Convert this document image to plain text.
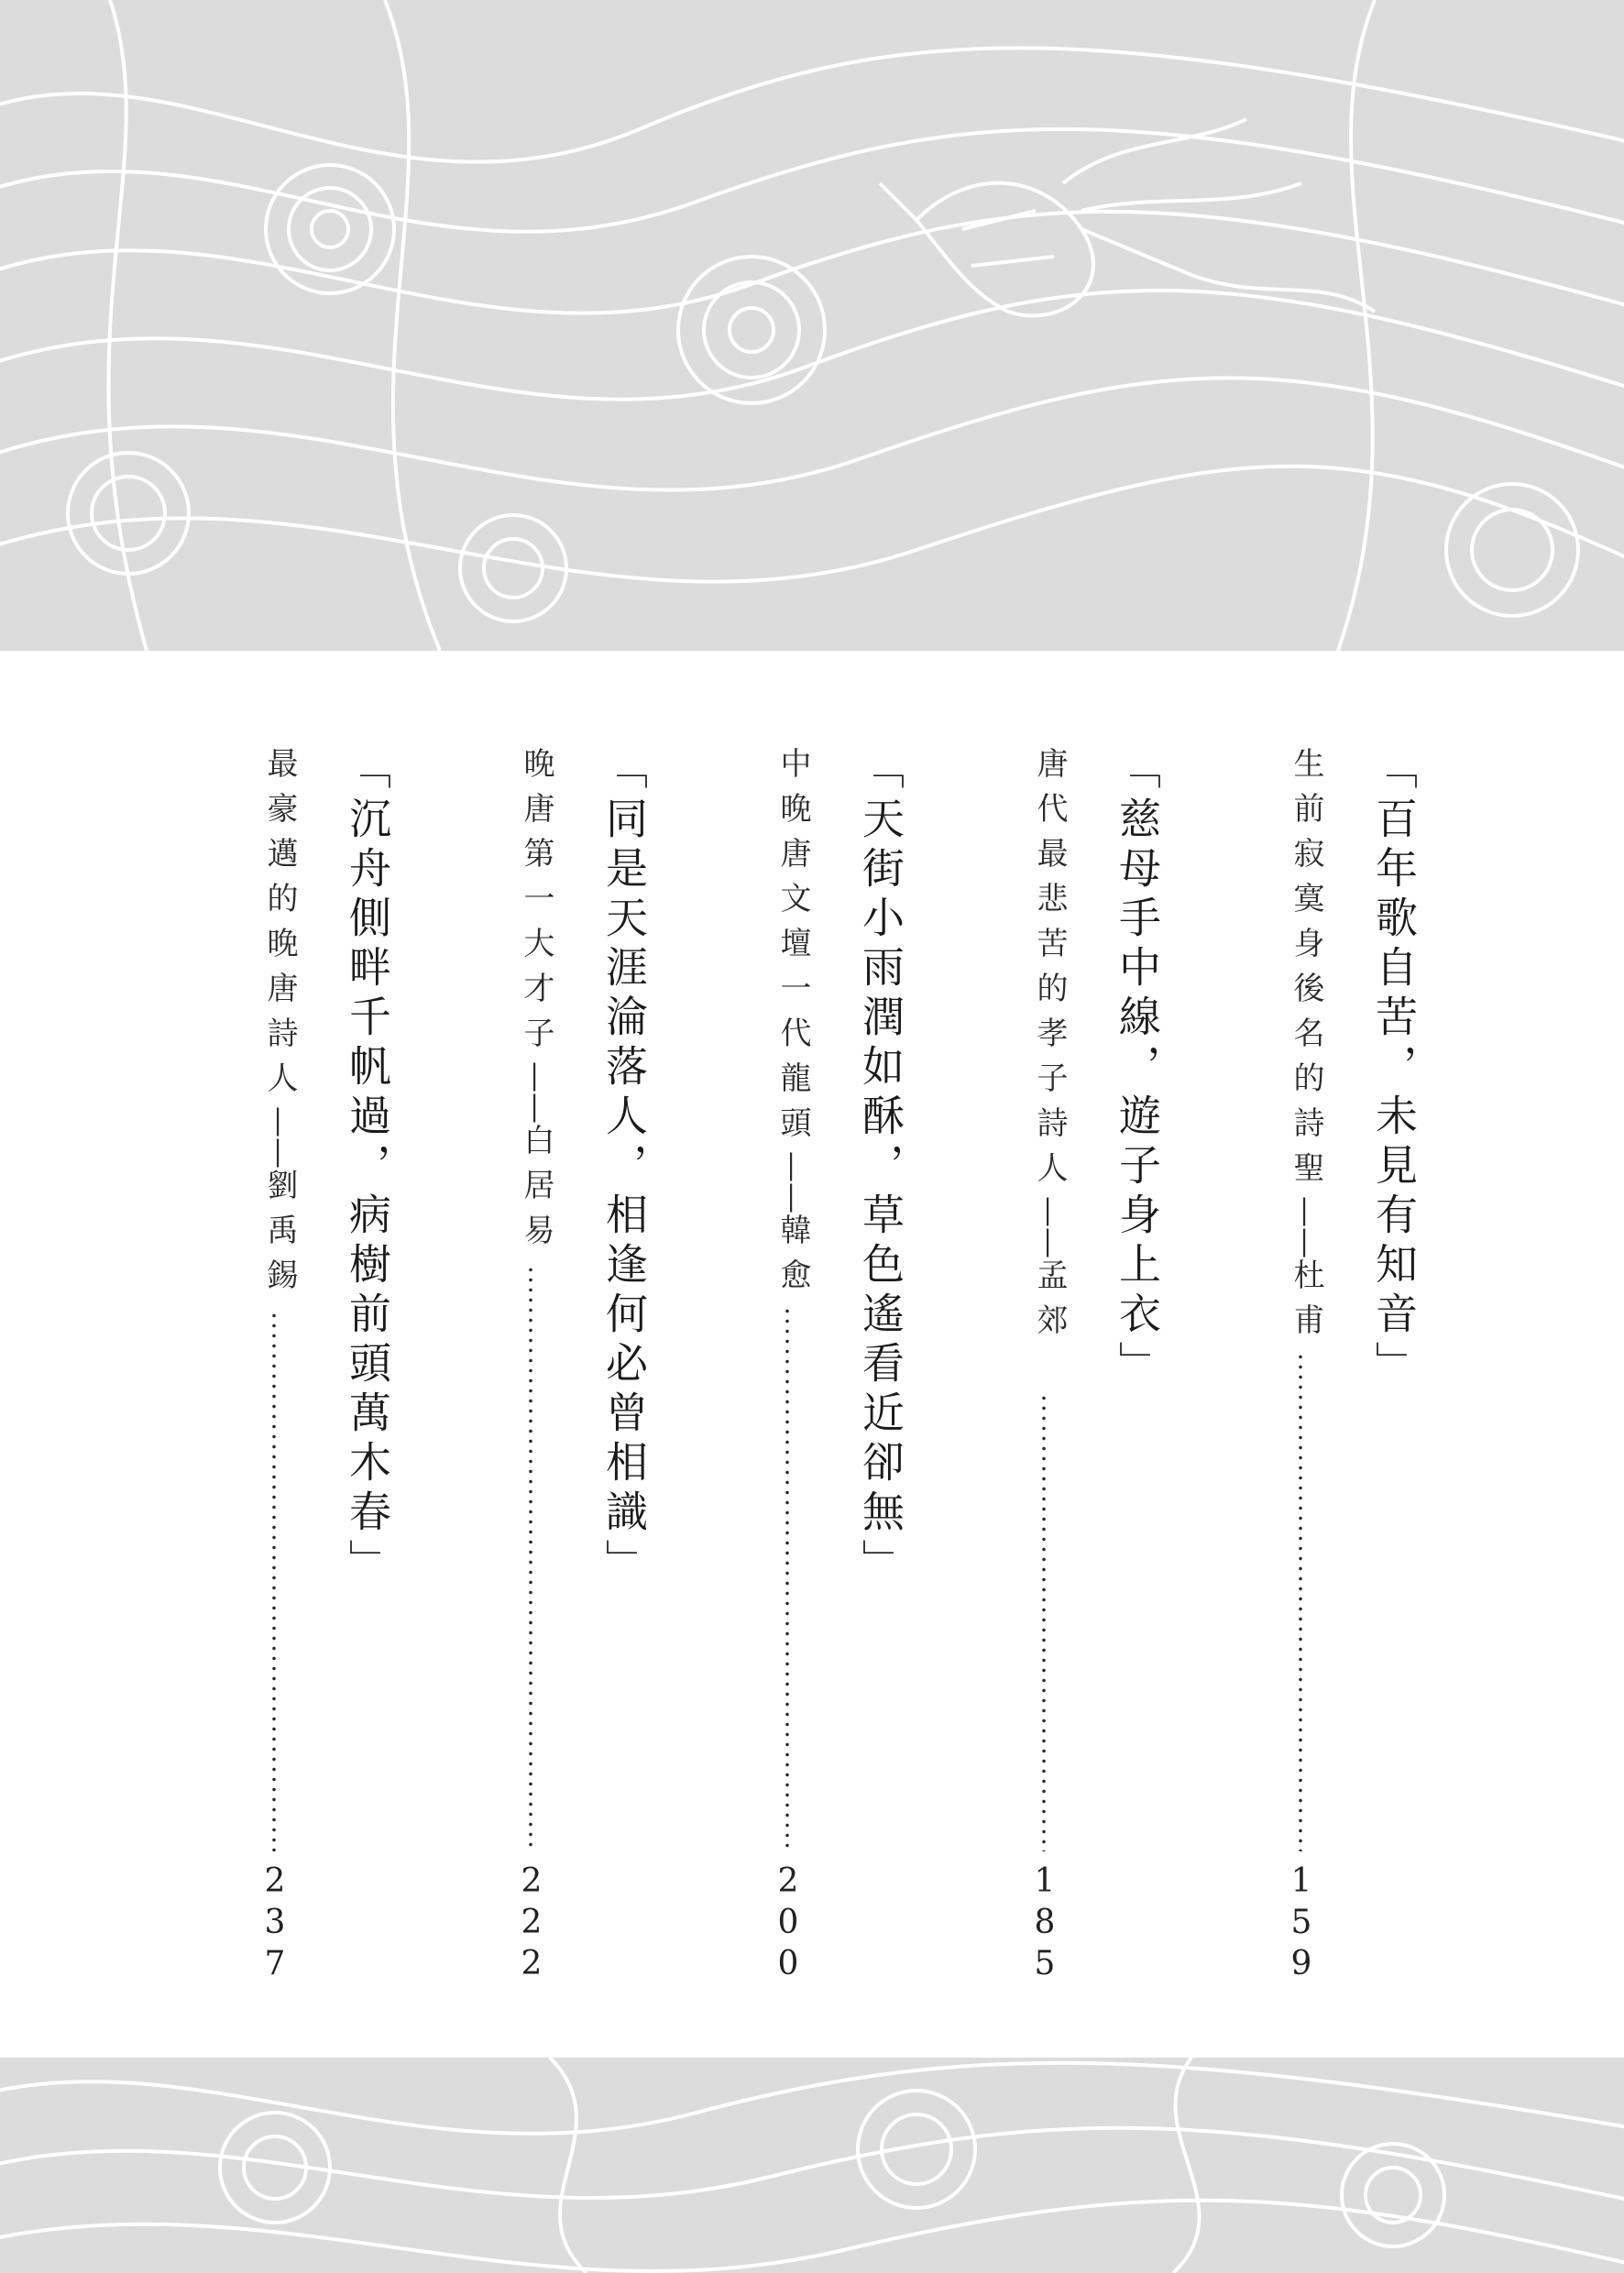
「百年歌自苦，未見有知音」
生前寂寞身後名的詩聖——杜甫
1
5
9
「慈母手中線，遊子身上衣」
唐代最悲苦的孝子詩人——孟郊
1
8
5
「天街小雨潤如酥，草色遙看近卻無」
中晚唐文壇一代龍頭——韓愈
2
0
0
「同是天涯淪落人，相逢何必曾相識」
晚唐第一大才子——白居易
2
2
2
「沉舟側畔千帆過，病樹前頭萬木春」
最豪邁的晚唐詩人——劉禹錫
2
3
7
